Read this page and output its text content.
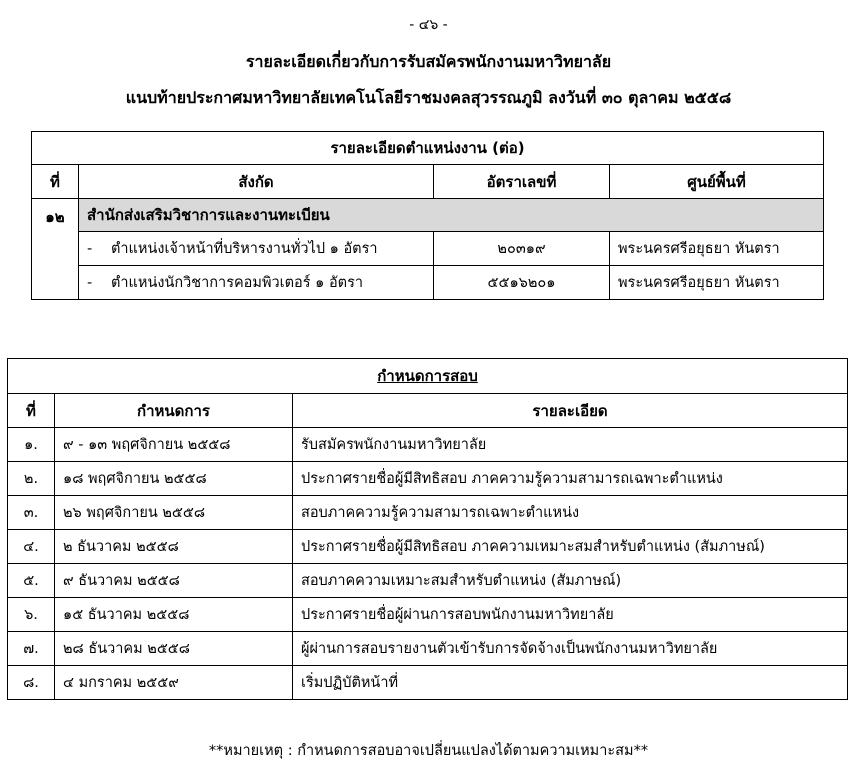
- ๔๖ -
รายละเอียดเกี่ยวกับการรับสมัครพนักงานมหาวิทยาลัย
แนบท้ายประกาศมหาวิทยาลัยเทคโนโลยีราชมงคลสุวรรณภูมิ ลงวันที่ ๓๐ ตุลาคม ๒๕๕๘
รายละเอียดตำแหน่งงาน (ต่อ)			
ที่	สังกัด	อัตราเลขที่	ศูนย์พื้นที่
๑๒	สำนักส่งเสริมวิชาการและงานทะเบียน		
	- ตำแหน่งเจ้าหน้าที่บริหารงานทั่วไป ๑ อัตรา	๒๐๓๑๙	พระนครศรีอยุธยา หันตรา
	- ตำแหน่งนักวิชาการคอมพิวเตอร์ ๑ อัตรา	๕๕๑๖๒๐๑	พระนครศรีอยุธยา หันตรา
กำหนดการสอบ		
ที่	กำหนดการ	รายละเอียด
๑.	๙ - ๑๓ พฤศจิกายน ๒๕๕๘	รับสมัครพนักงานมหาวิทยาลัย
๒.	๑๘ พฤศจิกายน ๒๕๕๘	ประกาศรายชื่อผู้มีสิทธิสอบ ภาคความรู้ความสามารถเฉพาะตำแหน่ง
๓.	๒๖ พฤศจิกายน ๒๕๕๘	สอบภาคความรู้ความสามารถเฉพาะตำแหน่ง
๔.	๒ ธันวาคม ๒๕๕๘	ประกาศรายชื่อผู้มีสิทธิสอบ ภาคความเหมาะสมสำหรับตำแหน่ง (สัมภาษณ์)
๕.	๙ ธันวาคม ๒๕๕๘	สอบภาคความเหมาะสมสำหรับตำแหน่ง (สัมภาษณ์)
๖.	๑๕ ธันวาคม ๒๕๕๘	ประกาศรายชื่อผู้ผ่านการสอบพนักงานมหาวิทยาลัย
๗.	๒๘ ธันวาคม ๒๕๕๘	ผู้ผ่านการสอบรายงานตัวเข้ารับการจัดจ้างเป็นพนักงานมหาวิทยาลัย
๘.	๔ มกราคม ๒๕๕๙	เริ่มปฏิบัติหน้าที่
**หมายเหตุ : กำหนดการสอบอาจเปลี่ยนแปลงได้ตามความเหมาะสม**
